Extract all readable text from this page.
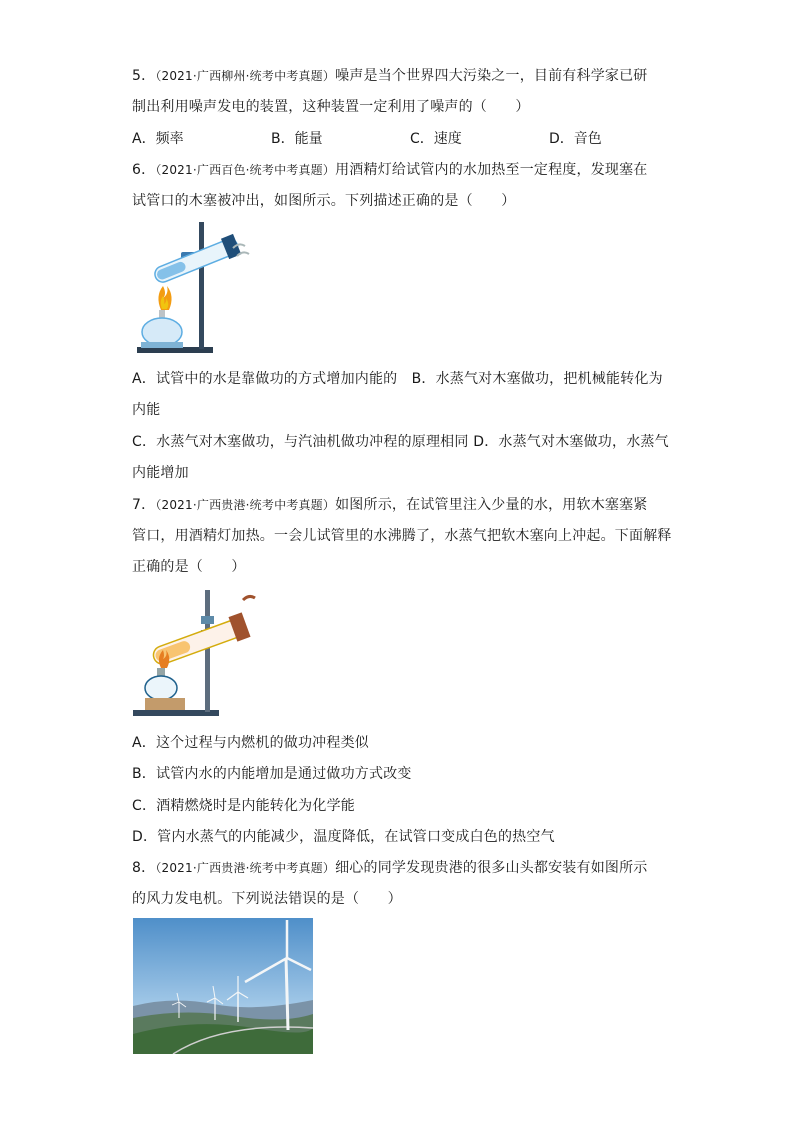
5．（2021·广西柳州·统考中考真题）噪声是当个世界四大污染之一，目前有科学家已研
制出利用噪声发电的装置，这种装置一定利用了噪声的（　　）
A．频率	B．能量	C．速度	D．音色
6．（2021·广西百色·统考中考真题）用酒精灯给试管内的水加热至一定程度，发现塞在
试管口的木塞被冲出，如图所示。下列描述正确的是（　　）
A．试管中的水是靠做功的方式增加内能的　B．水蒸气对木塞做功，把机械能转化为
内能
C．水蒸气对木塞做功，与汽油机做功冲程的原理相同 D．水蒸气对木塞做功，水蒸气
内能增加
7．（2021·广西贵港·统考中考真题）如图所示，在试管里注入少量的水，用软木塞塞紧
管口，用酒精灯加热。一会儿试管里的水沸腾了，水蒸气把软木塞向上冲起。下面解释
正确的是（　　）
A．这个过程与内燃机的做功冲程类似
B．试管内水的内能增加是通过做功方式改变
C．酒精燃烧时是内能转化为化学能
D．管内水蒸气的内能减少，温度降低，在试管口变成白色的热空气
8．（2021·广西贵港·统考中考真题）细心的同学发现贵港的很多山头都安装有如图所示
的风力发电机。下列说法错误的是（　　）
